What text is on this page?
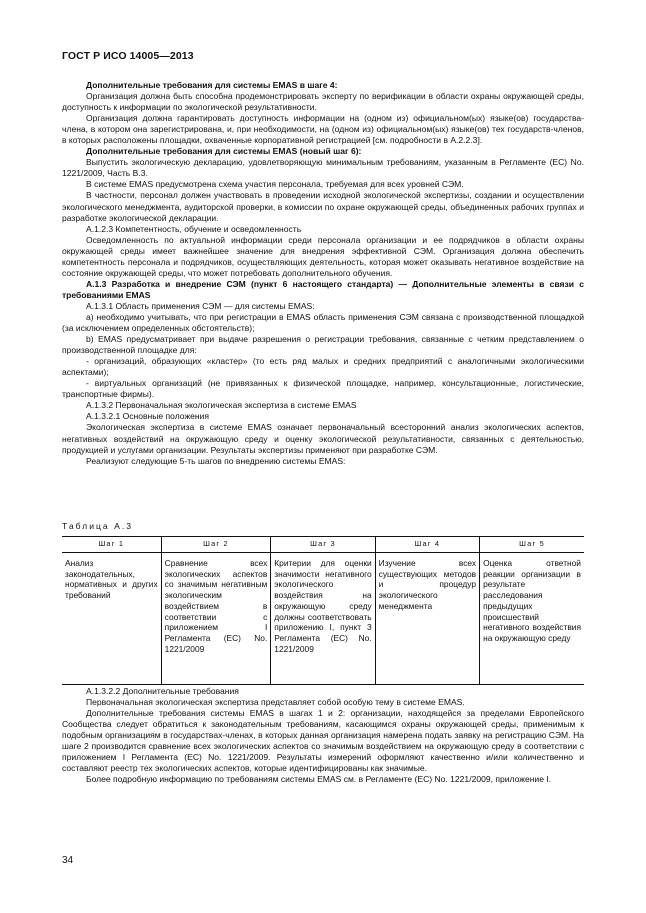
ГОСТ Р ИСО 14005—2013

Дополнительные требования для системы EMAS в шаге 4:

Организация должна быть способна продемонстрировать эксперту по верификации в области охраны окружающей среды, доступность к информации по экологической результативности.

Организация должна гарантировать доступность информации на (одном из) официальном(ых) языке(ов) государства-члена, в котором она зарегистрирована, и, при необходимости, на (одном из) официальном(ых) языке(ов) тех государств-членов, в которых расположены площадки, охваченные корпоративной регистрацией [см. подробности в А.2.2.3].

Дополнительные требования для системы EMAS (новый шаг 6):

Выпустить экологическую декларацию, удовлетворяющую минимальным требованиям, указанным в Регламенте (ЕС) No. 1221/2009, Часть В.3.

В системе EMAS предусмотрена схема участия персонала, требуемая для всех уровней СЭМ.

В частности, персонал должен участвовать в проведении исходной экологической экспертизы, создании и осуществлении экологического менеджмента, аудиторской проверки, в комиссии по охране окружающей среды, объединенных рабочих группах и разработке экологической декларации.

А.1.2.3 Компетентность, обучение и осведомленность

Осведомленность по актуальной информации среди персонала организации и ее подрядчиков в области охраны окружающей среды имеет важнейшее значение для внедрения эффективной СЭМ. Организация должна обеспечить компетентность персонала и подрядчиков, осуществляющих деятельность, которая может оказывать негативное воздействие на состояние окружающей среды, что может потребовать дополнительного обучения.

А.1.3 Разработка и внедрение СЭМ (пункт 6 настоящего стандарта) — Дополнительные элементы в связи с требованиями EMAS

А.1.3.1 Область применения СЭМ — для системы EMAS:

а) необходимо учитывать, что при регистрации в EMAS область применения СЭМ связана с производственной площадкой (за исключением определенных обстоятельств);

b) EMAS предусматривает при выдаче разрешения о регистрации требования, связанные с четким представлением о производственной площадке для:

- организаций, образующих «кластер» (то есть ряд малых и средних предприятий с аналогичными экологическими аспектами);

- виртуальных организаций (не привязанных к физической площадке, например, консультационные, логистические, транспортные фирмы).

А.1.3.2 Первоначальная экологическая экспертиза в системе EMAS

А.1.3.2.1 Основные положения

Экологическая экспертиза в системе EMAS означает первоначальный всесторонний анализ экологических аспектов, негативных воздействий на окружающую среду и оценку экологической результативности, связанных с деятельностью, продукцией и услугами организации. Результаты экспертизы применяют при разработке СЭМ.

Реализуют следующие 5-ть шагов по внедрению системы EMAS:

Таблица А.3
Шаг 1	Шаг 2	Шаг 3	Шаг 4	Шаг 5

Анализ законодательных, нормативных и других требований	Сравнение всех экологических аспектов со значимым негативным экологическим воздействием в соответствии с приложением I Регламента (ЕС) No. 1221/2009	Критерии для оценки значимости негативного экологического воздействия на окружающую среду должны соответствовать приложению I, пункт 3 Регламента (ЕС) No. 1221/2009	Изучение всех существующих методов и процедур экологического менеджмента	Оценка ответной реакции организации в результате расследования предыдущих происшествий негативного воздействия на окружающую среду

А.1.3.2.2 Дополнительные требования

Первоначальная экологическая экспертиза представляет собой особую тему в системе EMAS.

Дополнительные требования системы EMAS в шагах 1 и 2: организации, находящейся за пределами Европейского Сообщества следует обратиться к законодательным требованиям, касающимся охраны окружающей среды, применимым к подобным организациям в государствах-членах, в которых данная организация намерена подать заявку на регистрацию СЭМ. На шаге 2 производится сравнение всех экологических аспектов со значимым воздействием на окружающую среду в соответствии с приложением I Регламента (ЕС) No. 1221/2009. Результаты измерений оформляют качественно и/или количественно и составляют реестр тех экологических аспектов, которые идентифицированы как значимые.

Более подробную информацию по требованиям системы EMAS см. в Регламенте (ЕС) No. 1221/2009, приложение I.

34
